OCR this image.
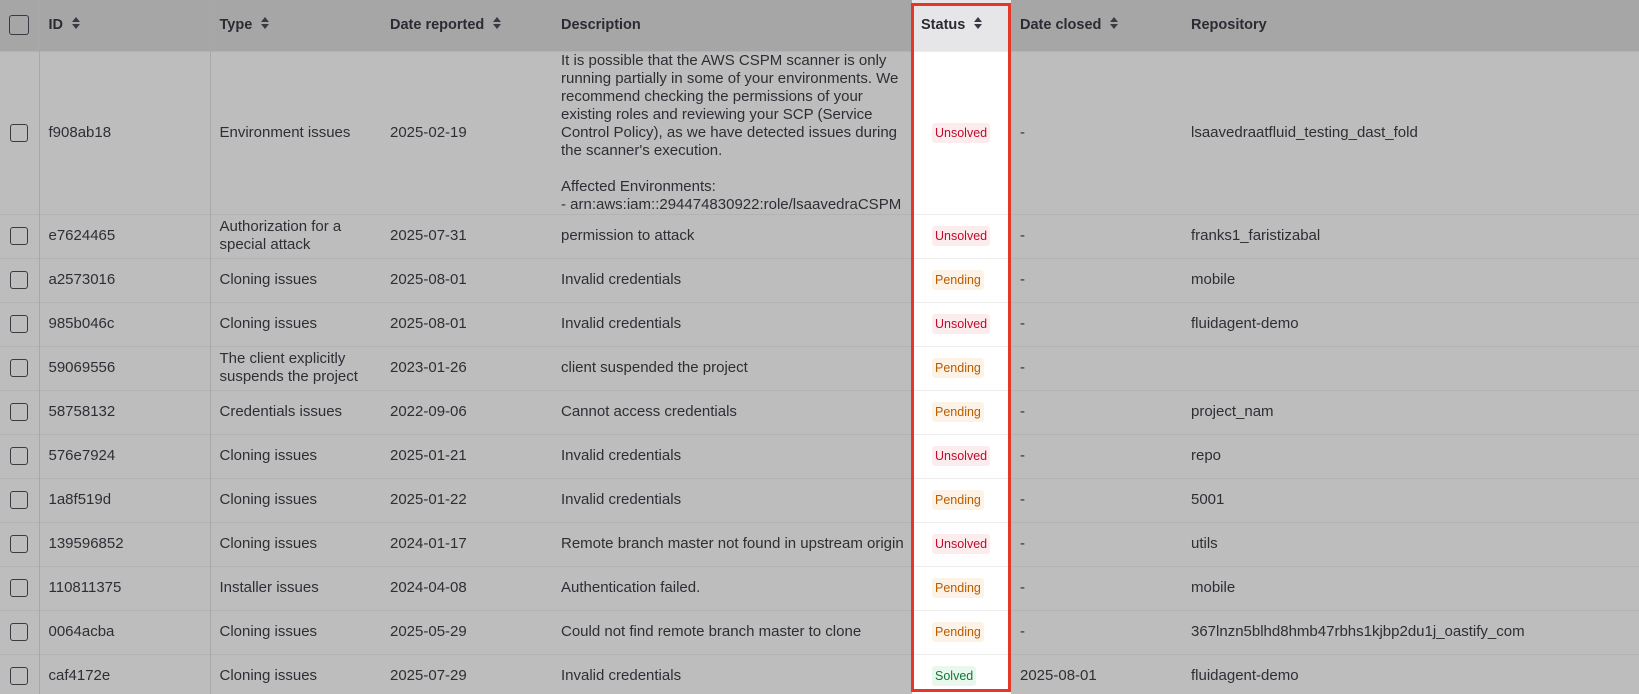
	ID	Type	Date reported	Description	Status	Date closed	Repository
	f908ab18	Environment issues	2025-02-19	It is possible that the AWS CSPM scanner is only running partially in some of your environments. We recommend checking the permissions of your existing roles and reviewing your SCP (Service Control Policy), as we have detected issues during the scanner's execution.

Affected Environments:
- arn:aws:iam::294474830922:role/lsaavedraCSPM	Unsolved	-	lsaavedraatfluid_testing_dast_fold
	e7624465	Authorization for a special attack	2025-07-31	permission to attack	Unsolved	-	franks1_faristizabal
	a2573016	Cloning issues	2025-08-01	Invalid credentials	Pending	-	mobile
	985b046c	Cloning issues	2025-08-01	Invalid credentials	Unsolved	-	fluidagent-demo
	59069556	The client explicitly suspends the project	2023-01-26	client suspended the project	Pending	-	
	58758132	Credentials issues	2022-09-06	Cannot access credentials	Pending	-	project_nam
	576e7924	Cloning issues	2025-01-21	Invalid credentials	Unsolved	-	repo
	1a8f519d	Cloning issues	2025-01-22	Invalid credentials	Pending	-	5001
	139596852	Cloning issues	2024-01-17	Remote branch master not found in upstream origin	Unsolved	-	utils
	110811375	Installer issues	2024-04-08	Authentication failed.	Pending	-	mobile
	0064acba	Cloning issues	2025-05-29	Could not find remote branch master to clone	Pending	-	367lnzn5blhd8hmb47rbhs1kjbp2du1j_oastify_com
	caf4172e	Cloning issues	2025-07-29	Invalid credentials	Solved	2025-08-01	fluidagent-demo
